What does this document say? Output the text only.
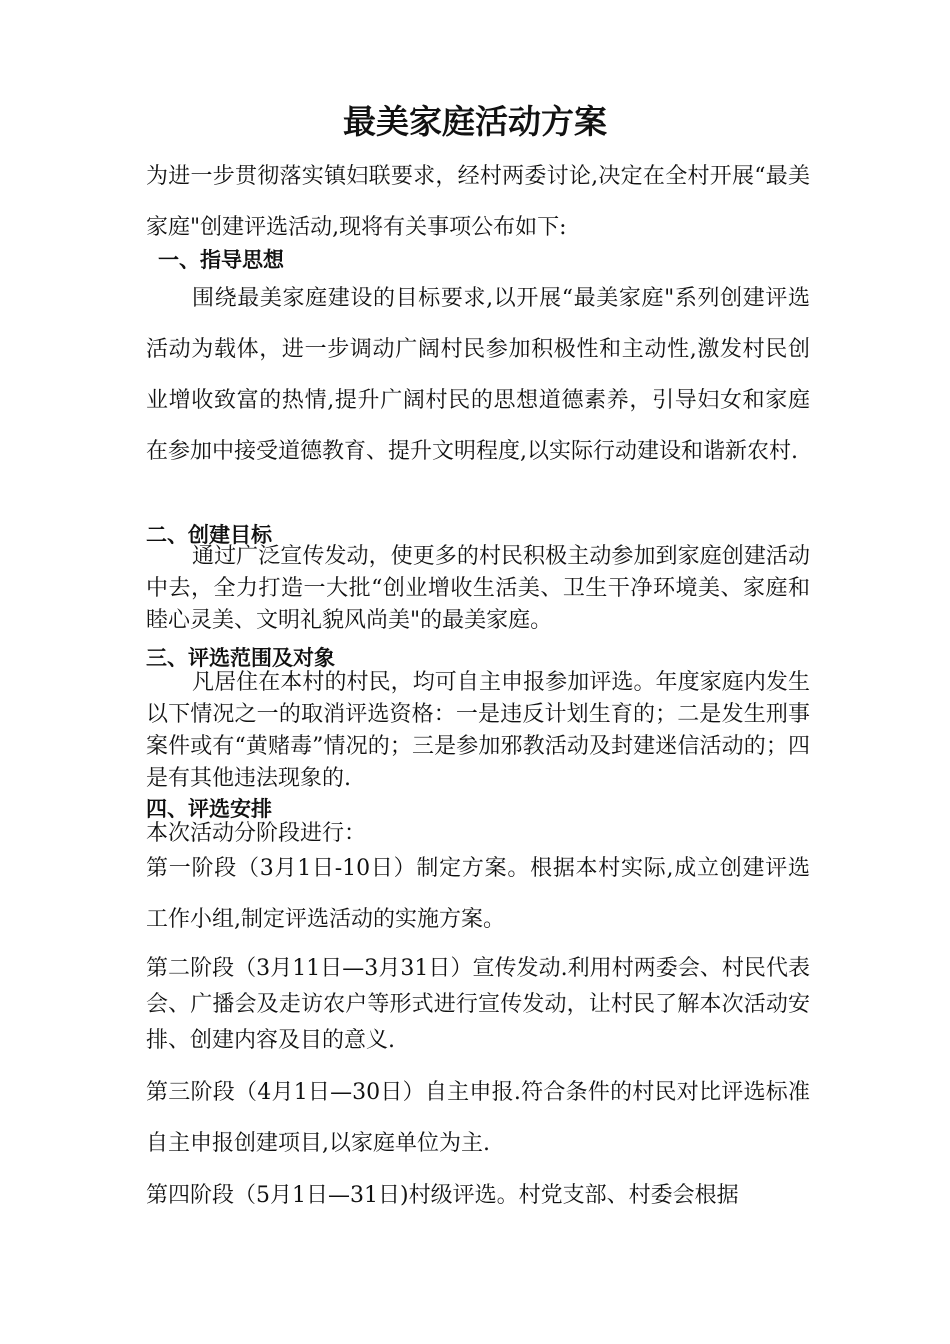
最美家庭活动方案

为进一步贯彻落实镇妇联要求，经村两委讨论,决定在全村开展“最美家庭"创建评选活动,现将有关事项公布如下:

一、指导思想

围绕最美家庭建设的目标要求,以开展“最美家庭"系列创建评选活动为载体，进一步调动广阔村民参加积极性和主动性,激发村民创业增收致富的热情,提升广阔村民的思想道德素养，引导妇女和家庭在参加中接受道德教育、提升文明程度,以实际行动建设和谐新农村.

二、创建目标

通过广泛宣传发动，使更多的村民积极主动参加到家庭创建活动中去，全力打造一大批“创业增收生活美、卫生干净环境美、家庭和睦心灵美、文明礼貌风尚美"的最美家庭。

三、评选范围及对象

凡居住在本村的村民，均可自主申报参加评选。年度家庭内发生以下情况之一的取消评选资格：一是违反计划生育的；二是发生刑事案件或有“黄赌毒”情况的；三是参加邪教活动及封建迷信活动的；四是有其他违法现象的.

四、评选安排

本次活动分阶段进行：

第一阶段（3月1日-10日）制定方案。根据本村实际,成立创建评选工作小组,制定评选活动的实施方案。

第二阶段（3月11日—3月31日）宣传发动.利用村两委会、村民代表会、广播会及走访农户等形式进行宣传发动，让村民了解本次活动安排、创建内容及目的意义.

第三阶段（4月1日—30日）自主申报.符合条件的村民对比评选标准自主申报创建项目,以家庭单位为主.

第四阶段（5月1日—31日)村级评选。村党支部、村委会根据
